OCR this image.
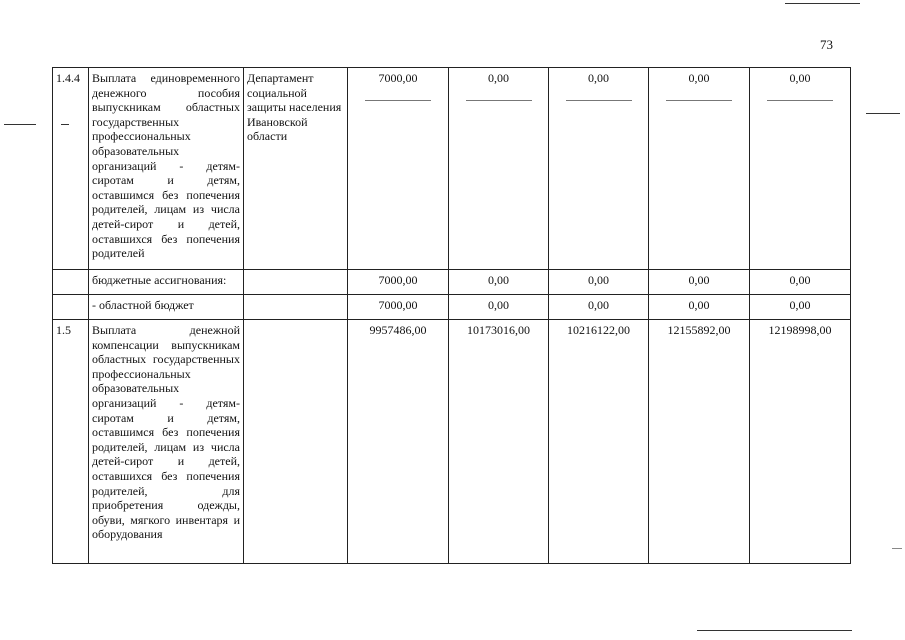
73
1.4.4	Выплата единовременного денежного пособия выпускникам областных государственных профессиональных образовательных организаций - детям-сиротам и детям, оставшимся без попечения родителей, лицам из числа детей-сирот и детей, оставшихся без попечения родителей	Департамент социальной защиты населения Ивановской области	7000,00	0,00	0,00	0,00	0,00

	бюджетные ассигнования:		7000,00	0,00	0,00	0,00	0,00
	- областной бюджет		7000,00	0,00	0,00	0,00	0,00
1.5	Выплата денежной компенсации выпускникам областных государственных профессиональных образовательных организаций - детям-сиротам и детям, оставшимся без попечения родителей, лицам из числа детей-сирот и детей, оставшихся без попечения родителей, для приобретения одежды, обуви, мягкого инвентаря и оборудования		9957486,00	10173016,00	10216122,00	12155892,00	12198998,00
